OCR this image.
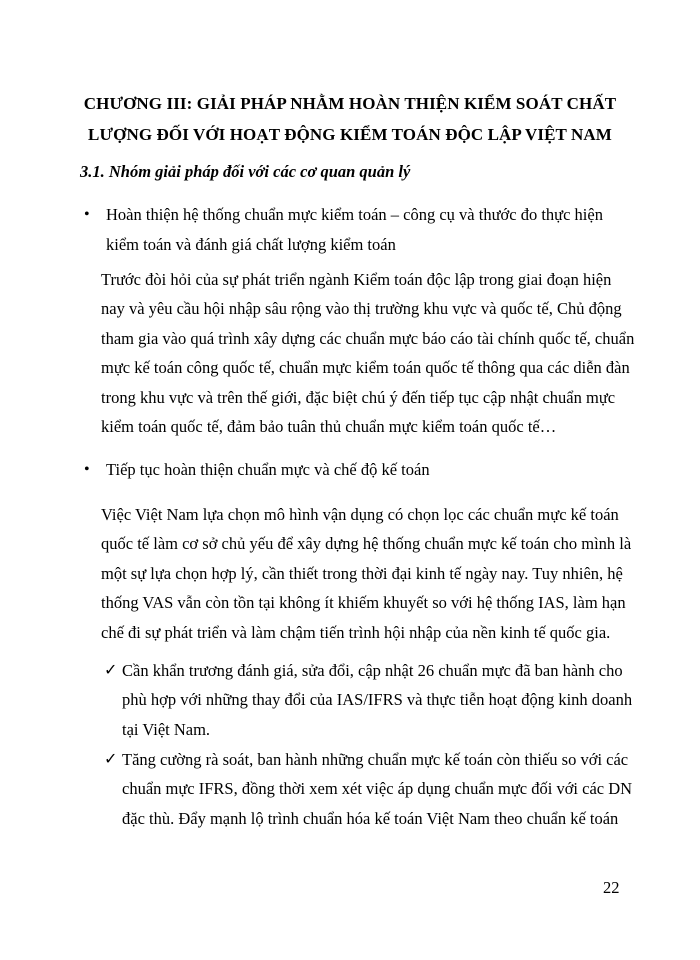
CHƯƠNG III: GIẢI PHÁP NHẰM HOÀN THIỆN KIỂM SOÁT CHẤT
LƯỢNG ĐỐI VỚI HOẠT ĐỘNG KIỂM TOÁN ĐỘC LẬP VIỆT NAM
3.1. Nhóm giải pháp đối với các cơ quan quản lý
• Hoàn thiện hệ thống chuẩn mực kiểm toán – công cụ và thước đo thực hiện
kiểm toán và đánh giá chất lượng kiểm toán
Trước đòi hỏi của sự phát triển ngành Kiểm toán độc lập trong giai đoạn hiện
nay và yêu cầu hội nhập sâu rộng vào thị trường khu vực và quốc tế, Chủ động
tham gia vào quá trình xây dựng các chuẩn mực báo cáo tài chính quốc tế, chuẩn
mực kế toán công quốc tế, chuẩn mực kiểm toán quốc tế thông qua các diễn đàn
trong khu vực và trên thế giới, đặc biệt chú ý đến tiếp tục cập nhật chuẩn mực
kiểm toán quốc tế, đảm bảo tuân thủ chuẩn mực kiểm toán quốc tế…
• Tiếp tục hoàn thiện chuẩn mực và chế độ kế toán
Việc Việt Nam lựa chọn mô hình vận dụng có chọn lọc các chuẩn mực kế toán
quốc tế làm cơ sở chủ yếu để xây dựng hệ thống chuẩn mực kế toán cho mình là
một sự lựa chọn hợp lý, cần thiết trong thời đại kinh tế ngày nay. Tuy nhiên, hệ
thống VAS vẫn còn tồn tại không ít khiếm khuyết so với hệ thống IAS, làm hạn
chế đi sự phát triển và làm chậm tiến trình hội nhập của nền kinh tế quốc gia.
✓ Cần khẩn trương đánh giá, sửa đổi, cập nhật 26 chuẩn mực đã ban hành cho
phù hợp với những thay đổi của IAS/IFRS và thực tiễn hoạt động kinh doanh
tại Việt Nam.
✓ Tăng cường rà soát, ban hành những chuẩn mực kế toán còn thiếu so với các
chuẩn mực IFRS, đồng thời xem xét việc áp dụng chuẩn mực đối với các DN
đặc thù. Đẩy mạnh lộ trình chuẩn hóa kế toán Việt Nam theo chuẩn kế toán
22
